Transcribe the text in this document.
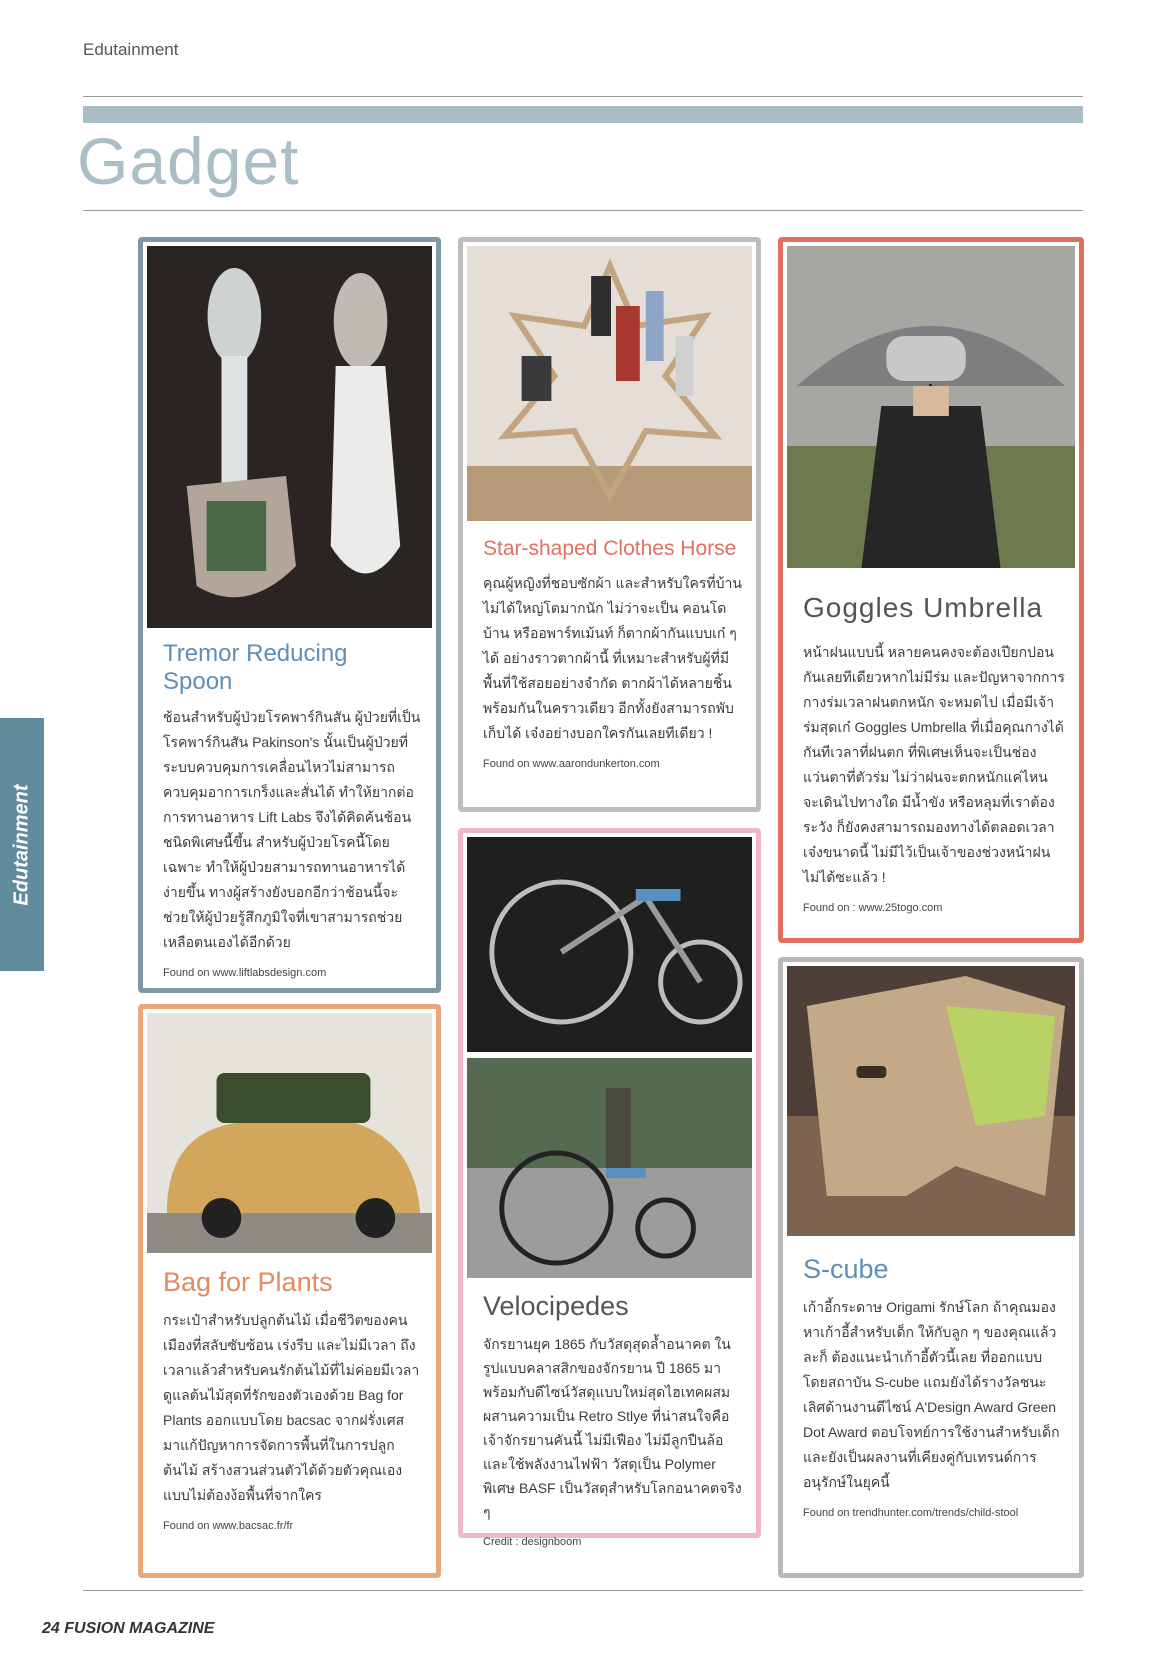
Edutainment
Gadget
Edutainment
Tremor Reducing Spoon

ช้อนสำหรับผู้ป่วยโรคพาร์กินสัน ผู้ป่วยที่เป็นโรคพาร์กินสัน Pakinson's นั้นเป็นผู้ป่วยที่ระบบควบคุมการเคลื่อนไหวไม่สามารถควบคุมอาการเกร็งและสั่นได้ ทำให้ยากต่อการทานอาหาร Lift Labs จึงได้คิดค้นช้อนชนิดพิเศษนี้ขึ้น สำหรับผู้ป่วยโรคนี้โดยเฉพาะ ทำให้ผู้ป่วยสามารถทานอาหารได้ง่ายขึ้น ทางผู้สร้างยังบอกอีกว่าช้อนนี้จะช่วยให้ผู้ป่วยรู้สึกภูมิใจที่เขาสามารถช่วยเหลือตนเองได้อีกด้วย

Found on www.liftlabsdesign.com
Star-shaped Clothes Horse

คุณผู้หญิงที่ชอบซักผ้า และสำหรับใครที่บ้านไม่ได้ใหญ่โตมากนัก ไม่ว่าจะเป็น คอนโด บ้าน หรืออพาร์ทเม้นท์ ก็ตากผ้ากันแบบเก๋ ๆ ได้ อย่างราวตากผ้านี้ ที่เหมาะสำหรับผู้ที่มีพื้นที่ใช้สอยอย่างจำกัด ตากผ้าได้หลายชิ้นพร้อมกันในคราวเดียว อีกทั้งยังสามารถพับเก็บได้ เจ๋งอย่างบอกใครกันเลยทีเดียว !

Found on www.aarondunkerton.com
Goggles Umbrella

หน้าฝนแบบนี้ หลายคนคงจะต้องเปียกปอนกันเลยทีเดียวหากไม่มีร่ม และปัญหาจากการกางร่มเวลาฝนตกหนัก จะหมดไป เมื่อมีเจ้าร่มสุดเก๋ Goggles Umbrella ที่เมื่อคุณกางได้กันทีเวลาที่ฝนตก ที่พิเศษเห็นจะเป็นช่องแว่นตาที่ตัวร่ม ไม่ว่าฝนจะตกหนักแค่ไหน จะเดินไปทางใด มีน้ำขัง หรือหลุมที่เราต้องระวัง ก็ยังคงสามารถมองทางได้ตลอดเวลา เจ๋งขนาดนี้ ไม่มีไว้เป็นเจ้าของช่วงหน้าฝนไม่ได้ซะแล้ว !

Found on : www.25togo.com
Bag for Plants

กระเป๋าสำหรับปลูกต้นไม้ เมื่อชีวิตของคนเมืองที่สลับซับซ้อน เร่งรีบ และไม่มีเวลา ถึงเวลาแล้วสำหรับคนรักต้นไม้ที่ไม่ค่อยมีเวลา ดูแลต้นไม้สุดที่รักของตัวเองด้วย Bag for Plants ออกแบบโดย bacsac จากฝรั่งเศส มาแก้ปัญหาการจัดการพื้นที่ในการปลูกต้นไม้ สร้างสวนส่วนตัวได้ด้วยตัวคุณเองแบบไม่ต้องง้อพื้นที่จากใคร

Found on www.bacsac.fr/fr
Velocipedes

จักรยานยุค 1865 กับวัสดุสุดล้ำอนาคต ในรูปแบบคลาสสิกของจักรยาน ปี 1865 มาพร้อมกับดีไซน์วัสดุแบบใหม่สุดไฮเทคผสมผสานความเป็น Retro Stlye ที่น่าสนใจคือ เจ้าจักรยานคันนี้ ไม่มีเฟือง ไม่มีลูกปืนล้อ และใช้พลังงานไฟฟ้า วัสดุเป็น Polymer พิเศษ BASF เป็นวัสดุสำหรับโลกอนาคตจริง ๆ

Credit : designboom
S-cube

เก้าอี้กระดาษ Origami รักษ์โลก ถ้าคุณมองหาเก้าอี้สำหรับเด็ก ให้กับลูก ๆ ของคุณแล้วละก็ ต้องแนะนำเก้าอี้ตัวนี้เลย ที่ออกแบบโดยสถาบัน S-cube แถมยังได้รางวัลชนะเลิศด้านงานดีไซน์ A'Design Award Green Dot Award ตอบโจทย์การใช้งานสำหรับเด็ก และยังเป็นผลงานที่เคียงคู่กับเทรนด์การอนุรักษ์ในยุคนี้

Found on trendhunter.com/trends/child-stool
24 FUSION MAGAZINE
